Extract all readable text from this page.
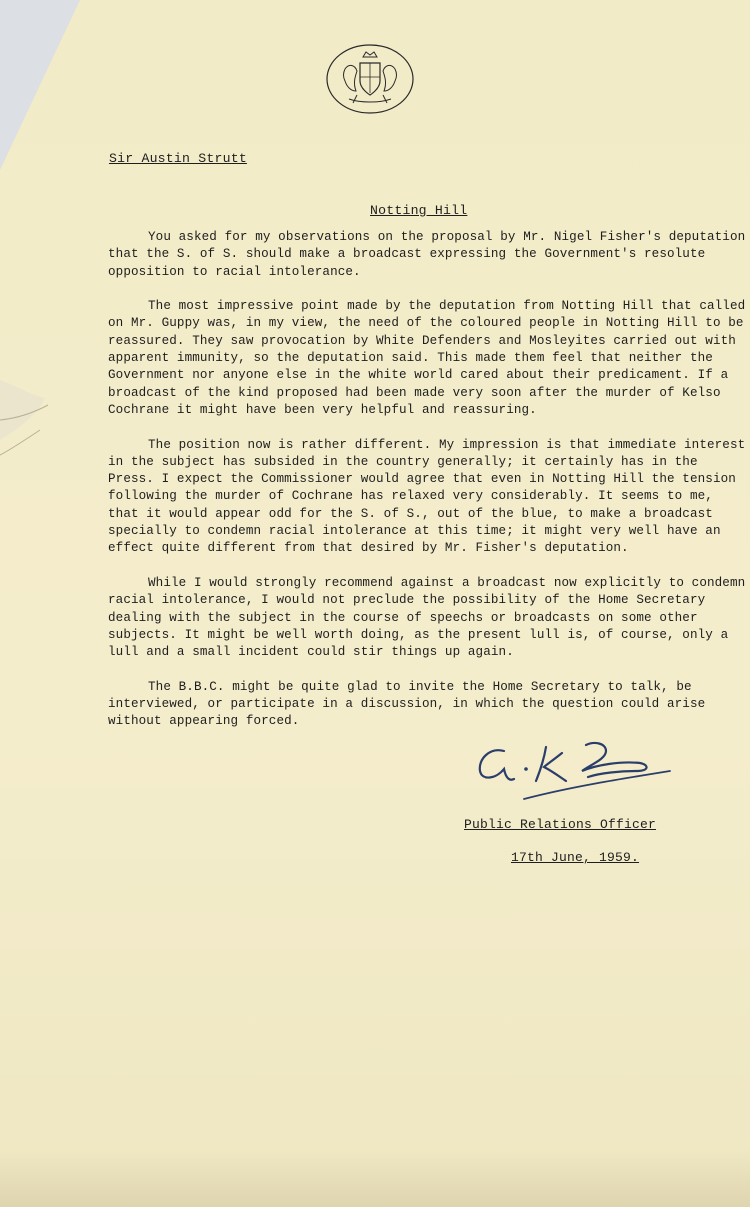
Sir Austin Strutt
Notting Hill

You asked for my observations on the proposal by Mr. Nigel Fisher's deputation that the S. of S. should make a broadcast expressing the Government's resolute opposition to racial intolerance.

The most impressive point made by the deputation from Notting Hill that called on Mr. Guppy was, in my view, the need of the coloured people in Notting Hill to be reassured. They saw provocation by White Defenders and Mosleyites carried out with apparent immunity, so the deputation said. This made them feel that neither the Government nor anyone else in the white world cared about their predicament. If a broadcast of the kind proposed had been made very soon after the murder of Kelso Cochrane it might have been very helpful and reassuring.

The position now is rather different. My impression is that immediate interest in the subject has subsided in the country generally; it certainly has in the Press. I expect the Commissioner would agree that even in Notting Hill the tension following the murder of Cochrane has relaxed very considerably. It seems to me, that it would appear odd for the S. of S., out of the blue, to make a broadcast specially to condemn racial intolerance at this time; it might very well have an effect quite different from that desired by Mr. Fisher's deputation.

While I would strongly recommend against a broadcast now explicitly to condemn racial intolerance, I would not preclude the possibility of the Home Secretary dealing with the subject in the course of speechs or broadcasts on some other subjects. It might be well worth doing, as the present lull is, of course, only a lull and a small incident could stir things up again.

The B.B.C. might be quite glad to invite the Home Secretary to talk, be interviewed, or participate in a discussion, in which the question could arise without appearing forced.

Public Relations Officer
17th June, 1959.
